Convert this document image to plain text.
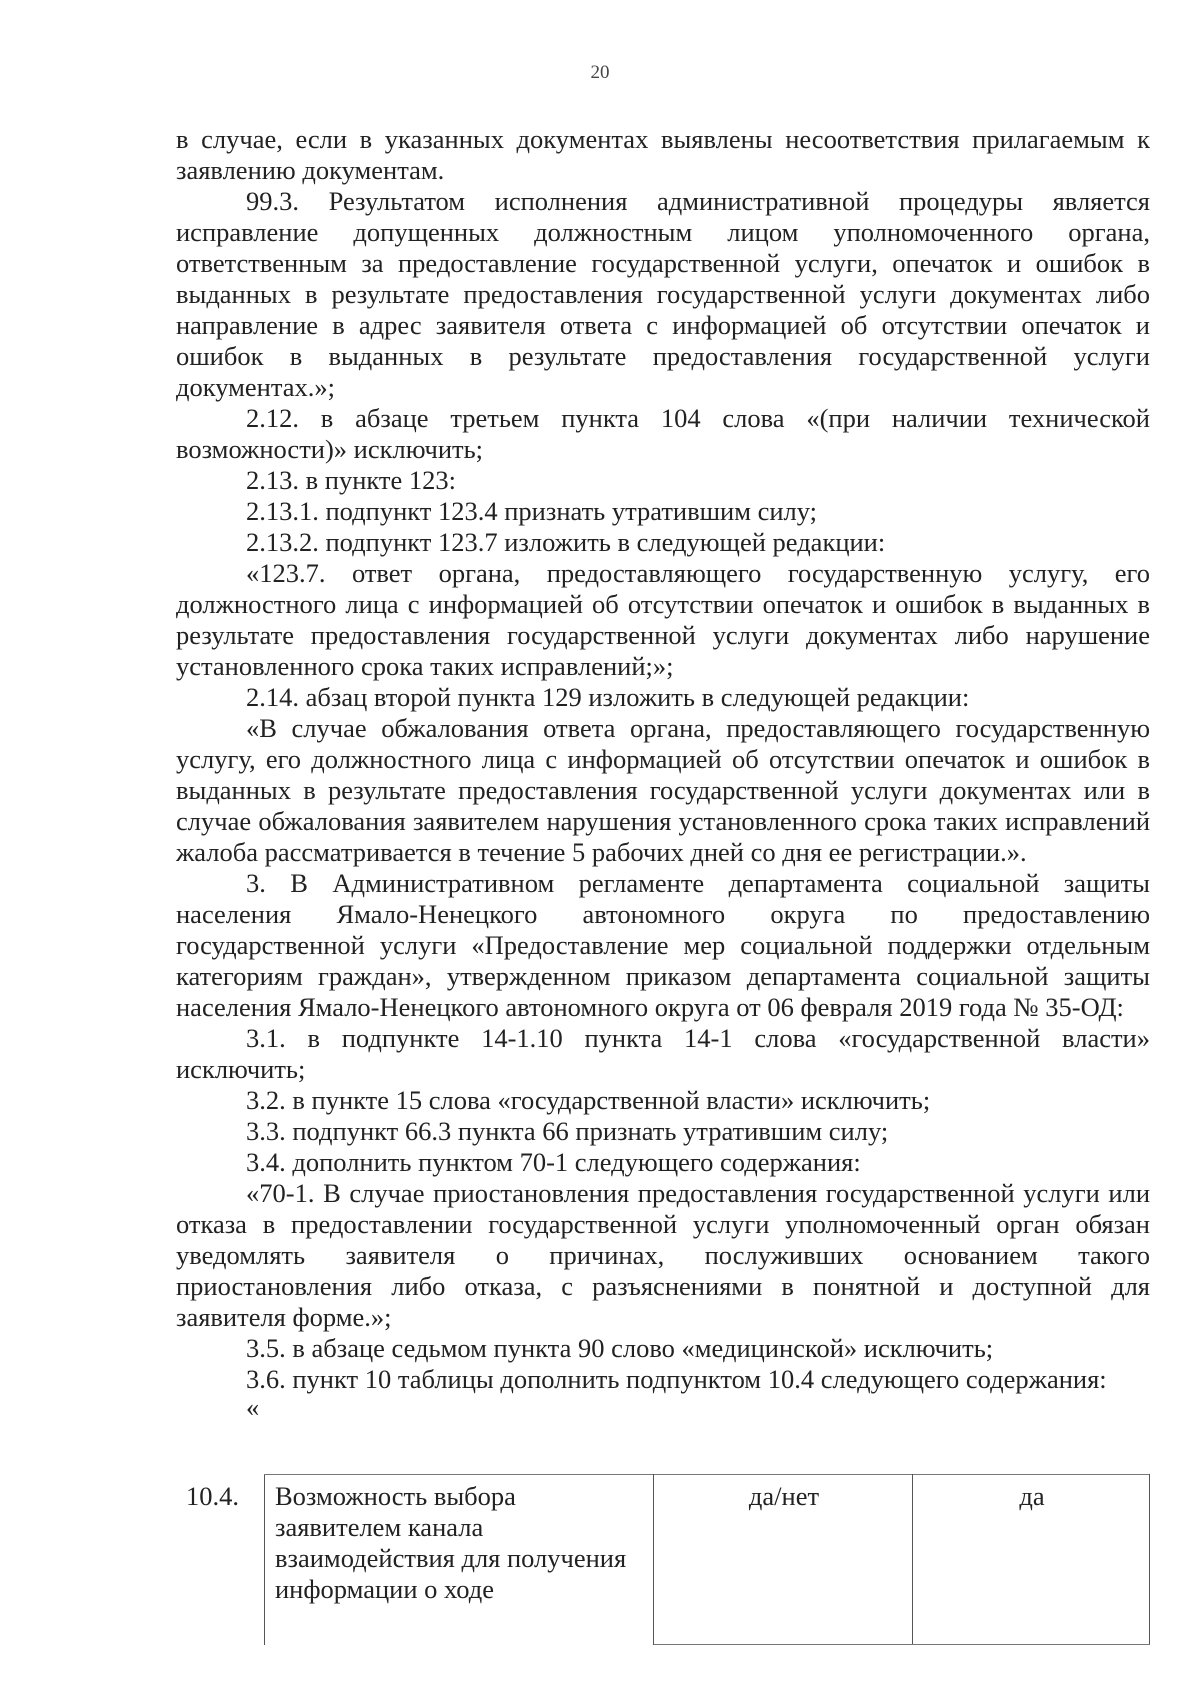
20

в случае, если в указанных документах выявлены несоответствия прилагаемым к заявлению документам.

99.3. Результатом исполнения административной процедуры является исправление допущенных должностным лицом уполномоченного органа, ответственным за предоставление государственной услуги, опечаток и ошибок в выданных в результате предоставления государственной услуги документах либо направление в адрес заявителя ответа с информацией об отсутствии опечаток и ошибок в выданных в результате предоставления государственной услуги документах.»;

2.12. в абзаце третьем пункта 104 слова «(при наличии технической возможности)» исключить;

2.13. в пункте 123:

2.13.1. подпункт 123.4 признать утратившим силу;

2.13.2. подпункт 123.7 изложить в следующей редакции:

«123.7. ответ органа, предоставляющего государственную услугу, его должностного лица с информацией об отсутствии опечаток и ошибок в выданных в результате предоставления государственной услуги документах либо нарушение установленного срока таких исправлений;»;

2.14. абзац второй пункта 129 изложить в следующей редакции:

«В случае обжалования ответа органа, предоставляющего государственную услугу, его должностного лица с информацией об отсутствии опечаток и ошибок в выданных в результате предоставления государственной услуги документах или в случае обжалования заявителем нарушения установленного срока таких исправлений жалоба рассматривается в течение 5 рабочих дней со дня ее регистрации.».

3. В Административном регламенте департамента социальной защиты населения Ямало-Ненецкого автономного округа по предоставлению государственной услуги «Предоставление мер социальной поддержки отдельным категориям граждан», утвержденном приказом департамента социальной защиты населения Ямало-Ненецкого автономного округа от 06 февраля 2019 года № 35-ОД:

3.1. в подпункте 14-1.10 пункта 14-1 слова «государственной власти» исключить;

3.2. в пункте 15 слова «государственной власти» исключить;

3.3. подпункт 66.3 пункта 66 признать утратившим силу;

3.4. дополнить пунктом 70-1 следующего содержания:

«70-1. В случае приостановления предоставления государственной услуги или отказа в предоставлении государственной услуги уполномоченный орган обязан уведомлять заявителя о причинах, послуживших основанием такого приостановления либо отказа, с разъяснениями в понятной и доступной для заявителя форме.»;

3.5. в абзаце седьмом пункта 90 слово «медицинской» исключить;

3.6. пункт 10 таблицы дополнить подпунктом 10.4 следующего содержания:

«

10.4.	Возможность выбора заявителем канала взаимодействия для получения информации о ходе	да/нет	да
